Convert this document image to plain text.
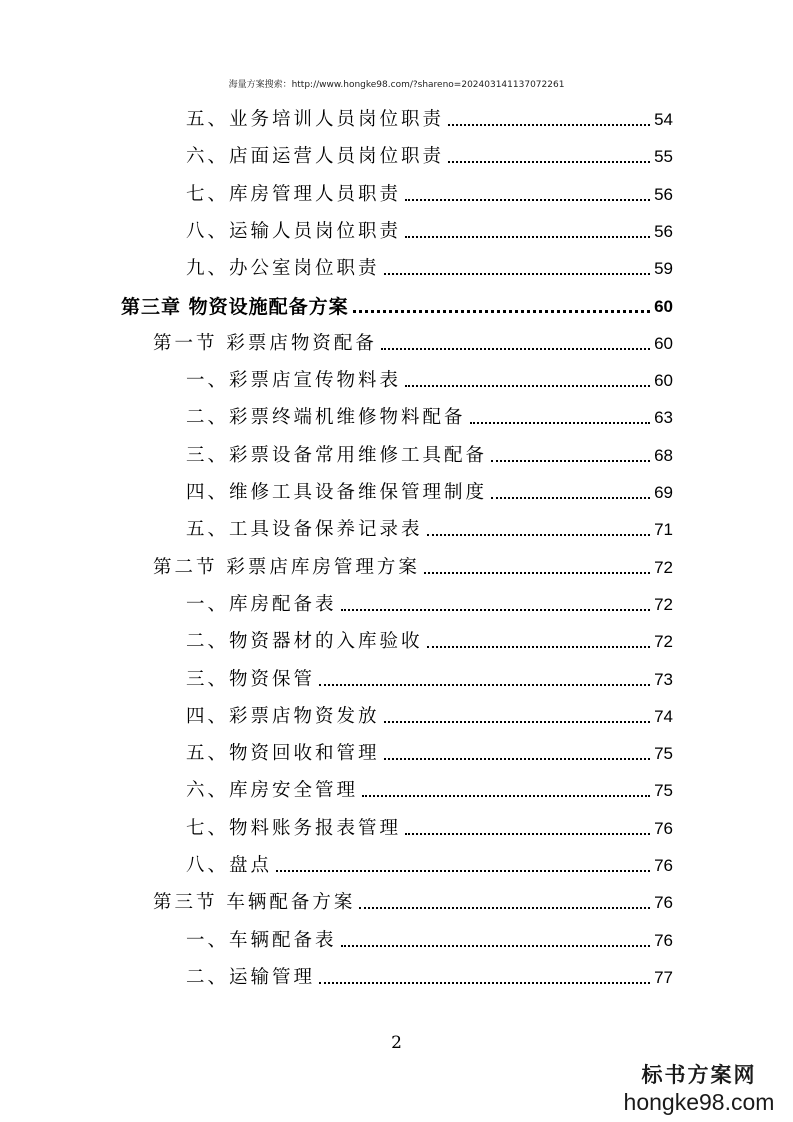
海量方案搜索：http://www.hongke98.com/?shareno=202403141137072261
五、业务培训人员岗位职责	54
六、店面运营人员岗位职责	55
七、库房管理人员职责	56
八、运输人员岗位职责	56
九、办公室岗位职责	59
第三章 物资设施配备方案	60
第一节 彩票店物资配备	60
一、彩票店宣传物料表	60
二、彩票终端机维修物料配备	63
三、彩票设备常用维修工具配备	68
四、维修工具设备维保管理制度	69
五、工具设备保养记录表	71
第二节 彩票店库房管理方案	72
一、库房配备表	72
二、物资器材的入库验收	72
三、物资保管	73
四、彩票店物资发放	74
五、物资回收和管理	75
六、库房安全管理	75
七、物料账务报表管理	76
八、盘点	76
第三节 车辆配备方案	76
一、车辆配备表	76
二、运输管理	77
2
标书方案网
hongke98.com
